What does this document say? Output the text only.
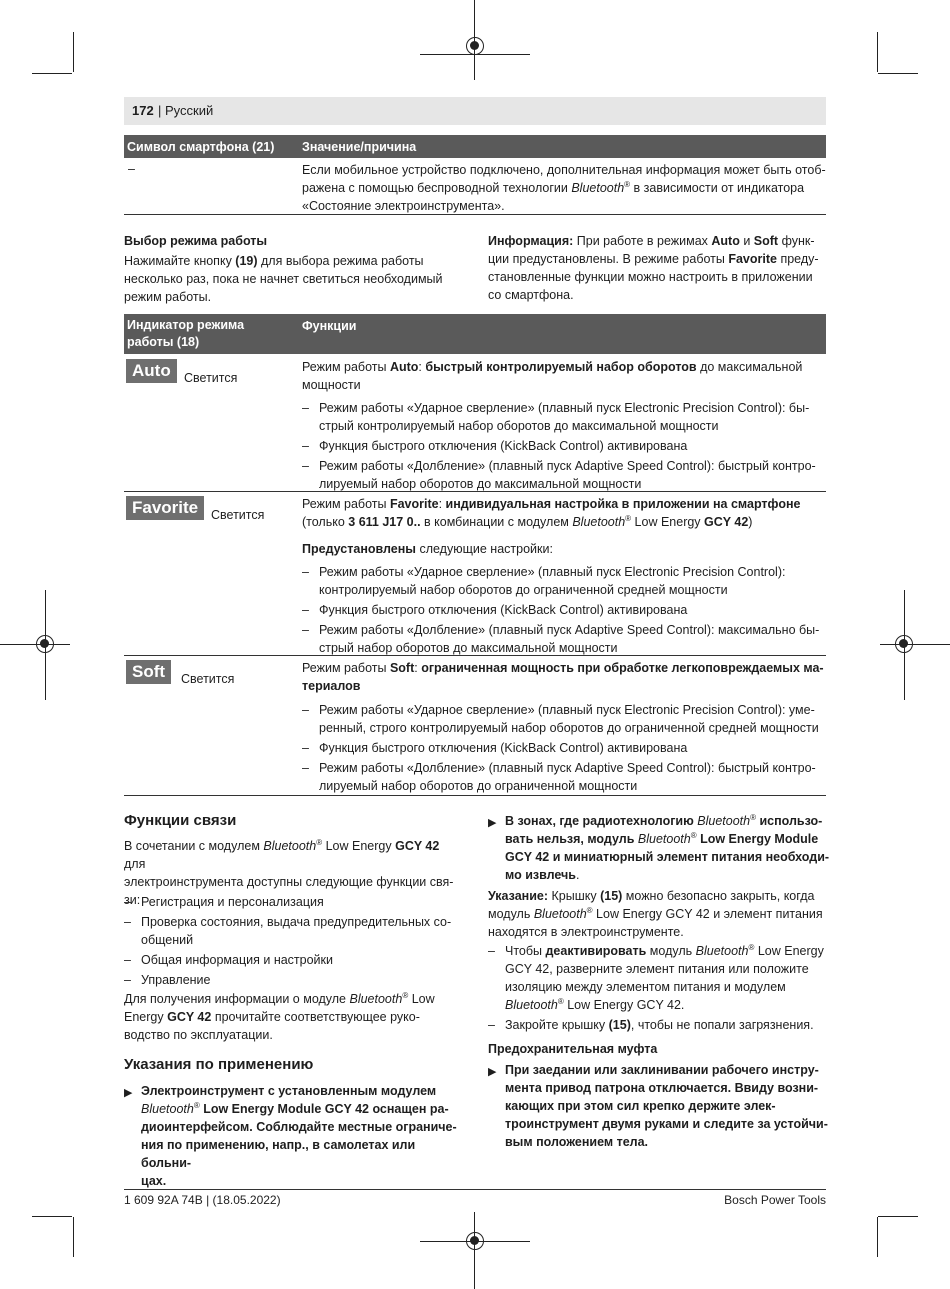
172 | Русский
Символ смартфона (21) Значение/причина
–	Если мобильное устройство подключено, дополнительная информация может быть отоб-
ражена с помощью беспроводной технологии Bluetooth® в зависимости от индикатора
«Состояние электроинструмента».
Выбор режима работы
Нажимайте кнопку (19) для выбора режима работы
несколько раз, пока не начнет светиться необходимый
режим работы.
Информация: При работе в режимах Auto и Soft функ-
ции предустановлены. В режиме работы Favorite преду-
становленные функции можно настроить в приложении
со смартфона.
Индикатор режима работы (18)
Функции
Auto	Светится
Режим работы Auto: быстрый контролируемый набор оборотов до максимальной
мощности
– Режим работы «Ударное сверление» (плавный пуск Electronic Precision Control): бы-
стрый контролируемый набор оборотов до максимальной мощности
– Функция быстрого отключения (KickBack Control) активирована
– Режим работы «Долбление» (плавный пуск Adaptive Speed Control): быстрый контро-
лируемый набор оборотов до максимальной мощности
Favorite	Светится
Режим работы Favorite: индивидуальная настройка в приложении на смартфоне
(только 3 611 J17 0.. в комбинации с модулем Bluetooth® Low Energy GCY 42)
Предустановлены следующие настройки:
– Режим работы «Ударное сверление» (плавный пуск Electronic Precision Control):
контролируемый набор оборотов до ограниченной средней мощности
– Функция быстрого отключения (KickBack Control) активирована
– Режим работы «Долбление» (плавный пуск Adaptive Speed Control): максимально бы-
стрый набор оборотов до максимальной мощности
Soft	Светится
Режим работы Soft: ограниченная мощность при обработке легкоповреждаемых ма-
териалов
– Режим работы «Ударное сверление» (плавный пуск Electronic Precision Control): уме-
ренный, строго контролируемый набор оборотов до ограниченной средней мощности
– Функция быстрого отключения (KickBack Control) активирована
– Режим работы «Долбление» (плавный пуск Adaptive Speed Control): быстрый контро-
лируемый набор оборотов до ограниченной мощности
Функции связи
В сочетании с модулем Bluetooth® Low Energy GCY 42 для
электроинструмента доступны следующие функции свя-
зи:
– Регистрация и персонализация
– Проверка состояния, выдача предупредительных со-
общений
– Общая информация и настройки
– Управление
Для получения информации о модуле Bluetooth® Low
Energy GCY 42 прочитайте соответствующее руко-
водство по эксплуатации.
Указания по применению
▶ Электроинструмент с установленным модулем
Bluetooth® Low Energy Module GCY 42 оснащен ра-
диоинтерфейсом. Соблюдайте местные ограниче-
ния по применению, напр., в самолетах или больни-
цах.
▶ В зонах, где радиотехнологию Bluetooth® использо-
вать нельзя, модуль Bluetooth® Low Energy Module
GCY 42 и миниатюрный элемент питания необходи-
мо извлечь.
Указание: Крышку (15) можно безопасно закрыть, когда
модуль Bluetooth® Low Energy GCY 42 и элемент питания
находятся в электроинструменте.
– Чтобы деактивировать модуль Bluetooth® Low Energy
GCY 42, разверните элемент питания или положите
изоляцию между элементом питания и модулем
Bluetooth® Low Energy GCY 42.
– Закройте крышку (15), чтобы не попали загрязнения.
Предохранительная муфта
▶ При заедании или заклинивании рабочего инстру-
мента привод патрона отключается. Ввиду возни-
кающих при этом сил крепко держите элек-
троинструмент двумя руками и следите за устойчи-
вым положением тела.
1 609 92A 74B | (18.05.2022)	Bosch Power Tools
